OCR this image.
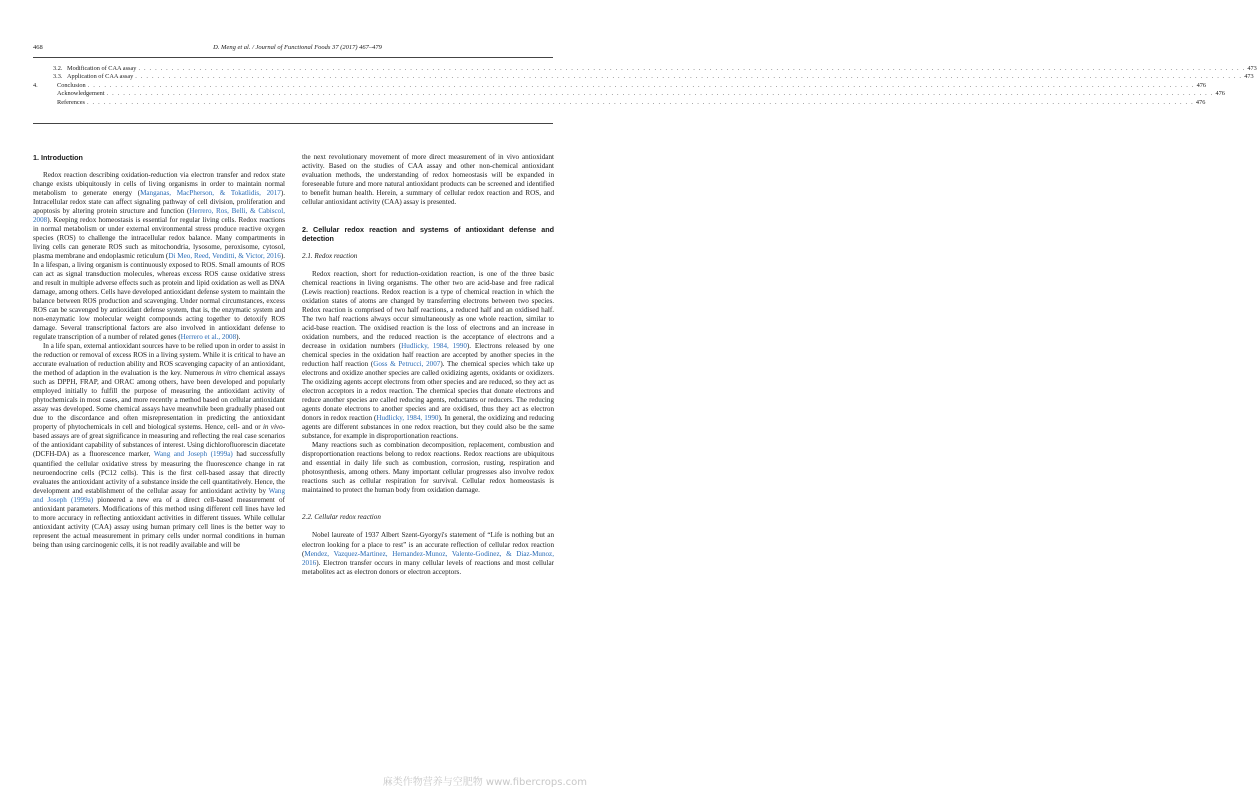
468	D. Meng et al. / Journal of Functional Foods 37 (2017) 467–479
3.2. Modification of CAA assay . . . . . . . . . . . . . . . . . . . . . . . . . . . . . . . . . . . . . . . . . . . . . . . . . . . . . . . . . . . . . . . . . . . . . . . . . . . . . . . . . . . . . . . . . . . . . . . . . . . . . . . . . . . . . . . . . . . . . . . . . . . . . . . . . . . . . . . . . . . . . . . . . . . . . . . . . . . . . . . . . . . . . . . . . . . . . . . . . . . . . . . . . . . . . . . . . . . . . . . . 473
3.3. Application of CAA assay . . . . . . . . . . . . . . . . . . . . . . . . . . . . . . . . . . . . . . . . . . . . . . . . . . . . . . . . . . . . . . . . . . . . . . . . . . . . . . . . . . . . . . . . . . . . . . . . . . . . . . . . . . . . . . . . . . . . . . . . . . . . . . . . . . . . . . . . . . . . . . . . . . . . . . . . . . . . . . . . . . . . . . . . . . . . . . . . . . . . . . . . . . . . . . . . . . . . . . . . 473
4.	Conclusion . . . . . . . . . . . . . . . . . . . . . . . . . . . . . . . . . . . . . . . . . . . . . . . . . . . . . . . . . . . . . . . . . . . . . . . . . . . . . . . . . . . . . . . . . . . . . . . . . . . . . . . . . . . . . . . . . . . . . . . . . . . . . . . . . . . . . . . . . . . . . . . . . . . . . . . . . . . . . . . . . . . . . . . . . . . . . . . . . . . . . . . . . . . . . . . . . . . . . . . . 476
Acknowledgement . . . . . . . . . . . . . . . . . . . . . . . . . . . . . . . . . . . . . . . . . . . . . . . . . . . . . . . . . . . . . . . . . . . . . . . . . . . . . . . . . . . . . . . . . . . . . . . . . . . . . . . . . . . . . . . . . . . . . . . . . . . . . . . . . . . . . . . . . . . . . . . . . . . . . . . . . . . . . . . . . . . . . . . . . . . . . . . . . . . . . . . . . . . . . . . . . . . . . . . . 476
References . . . . . . . . . . . . . . . . . . . . . . . . . . . . . . . . . . . . . . . . . . . . . . . . . . . . . . . . . . . . . . . . . . . . . . . . . . . . . . . . . . . . . . . . . . . . . . . . . . . . . . . . . . . . . . . . . . . . . . . . . . . . . . . . . . . . . . . . . . . . . . . . . . . . . . . . . . . . . . . . . . . . . . . . . . . . . . . . . . . . . . . . . . . . . . . . . . . . . . . . 476
1. Introduction

Redox reaction describing oxidation-reduction via electron transfer and redox state change exists ubiquitously in cells of living organisms in order to maintain normal metabolism to generate energy (Manganas, MacPherson, & Tokatlidis, 2017). Intracellular redox state can affect signaling pathway of cell division, proliferation and apoptosis by altering protein structure and function (Herrero, Ros, Belli, & Cabiscol, 2008). Keeping redox homeostasis is essential for regular living cells. Redox reactions in normal metabolism or under external environmental stress produce reactive oxygen species (ROS) to challenge the intracellular redox balance. Many compartments in living cells can generate ROS such as mitochondria, lysosome, peroxisome, cytosol, plasma membrane and endoplasmic reticulum (Di Meo, Reed, Venditti, & Victor, 2016). In a lifespan, a living organism is continuously exposed to ROS. Small amounts of ROS can act as signal transduction molecules, whereas excess ROS cause oxidative stress and result in multiple adverse effects such as protein and lipid oxidation as well as DNA damage, among others. Cells have developed antioxidant defense system to maintain the balance between ROS production and scavenging. Under normal circumstances, excess ROS can be scavenged by antioxidant defense system, that is, the enzymatic system and non-enzymatic low molecular weight compounds acting together to detoxify ROS damage. Several transcriptional factors are also involved in antioxidant defense to regulate transcription of a number of related genes (Herrero et al., 2008).

In a life span, external antioxidant sources have to be relied upon in order to assist in the reduction or removal of excess ROS in a living system. While it is critical to have an accurate evaluation of reduction ability and ROS scavenging capacity of an antioxidant, the method of adaption in the evaluation is the key. Numerous in vitro chemical assays such as DPPH, FRAP, and ORAC among others, have been developed and popularly employed initially to fulfill the purpose of measuring the antioxidant activity of phytochemicals in most cases, and more recently a method based on cellular antioxidant assay was developed. Some chemical assays have meanwhile been gradually phased out due to the discordance and often misrepresentation in predicting the antioxidant property of phytochemicals in cell and biological systems. Hence, cell- and or in vivo-based assays are of great significance in measuring and reflecting the real case scenarios of the antioxidant capability of substances of interest. Using dichlorofluorescin diacetate (DCFH-DA) as a fluorescence marker, Wang and Joseph (1999a) had successfully quantified the cellular oxidative stress by measuring the fluorescence change in rat neuroendocrine cells (PC12 cells). This is the first cell-based assay that directly evaluates the antioxidant activity of a substance inside the cell quantitatively. Hence, the development and establishment of the cellular assay for antioxidant activity by Wang and Joseph (1999a) pioneered a new era of a direct cell-based measurement of antioxidant parameters. Modifications of this method using different cell lines have led to more accuracy in reflecting antioxidant activities in different tissues. While cellular antioxidant activity (CAA) assay using human primary cell lines is the better way to represent the actual measurement in primary cells under normal conditions in human being than using carcinogenic cells, it is not readily available and will be

the next revolutionary movement of more direct measurement of in vivo antioxidant activity. Based on the studies of CAA assay and other non-chemical antioxidant evaluation methods, the understanding of redox homeostasis will be expanded in foreseeable future and more natural antioxidant products can be screened and identified to benefit human health. Herein, a summary of cellular redox reaction and ROS, and cellular antioxidant activity (CAA) assay is presented.

2. Cellular redox reaction and systems of antioxidant defense and detection
2.1. Redox reaction

Redox reaction, short for reduction-oxidation reaction, is one of the three basic chemical reactions in living organisms. The other two are acid-base and free radical (Lewis reaction) reactions. Redox reaction is a type of chemical reaction in which the oxidation states of atoms are changed by transferring electrons between two species. Redox reaction is comprised of two half reactions, a reduced half and an oxidised half. The two half reactions always occur simultaneously as one whole reaction, similar to acid-base reaction. The oxidised reaction is the loss of electrons and an increase in oxidation numbers, and the reduced reaction is the acceptance of electrons and a decrease in oxidation numbers (Hudlicky, 1984, 1990). Electrons released by one chemical species in the oxidation half reaction are accepted by another species in the reduction half reaction (Goss & Petrucci, 2007). The chemical species which take up electrons and oxidize another species are called oxidizing agents, oxidants or oxidizers. The oxidizing agents accept electrons from other species and are reduced, so they act as electron acceptors in a redox reaction. The chemical species that donate electrons and reduce another species are called reducing agents, reductants or reducers. The reducing agents donate electrons to another species and are oxidised, thus they act as electron donors in redox reaction (Hudlicky, 1984, 1990). In general, the oxidizing and reducing agents are different substances in one redox reaction, but they could also be the same substance, for example in disproportionation reactions.

Many reactions such as combination decomposition, replacement, combustion and disproportionation reactions belong to redox reactions. Redox reactions are ubiquitous and essential in daily life such as combustion, corrosion, rusting, respiration and photosynthesis, among others. Many important cellular progresses also involve redox reactions such as cellular respiration for survival. Cellular redox homeostasis is maintained to protect the human body from oxidation damage.

2.2. Cellular redox reaction

Nobel laureate of 1937 Albert Szent-Gyorgyi's statement of “Life is nothing but an electron looking for a place to rest” is an accurate reflection of cellular redox reaction (Mendez, Vazquez-Martinez, Hernandez-Munoz, Valente-Godinez, & Diaz-Munoz, 2016). Electron transfer occurs in many cellular levels of reactions and most cellular metabolites act as electron donors or electron acceptors.

麻类作物营养与空肥物 www.fibercrops.com
